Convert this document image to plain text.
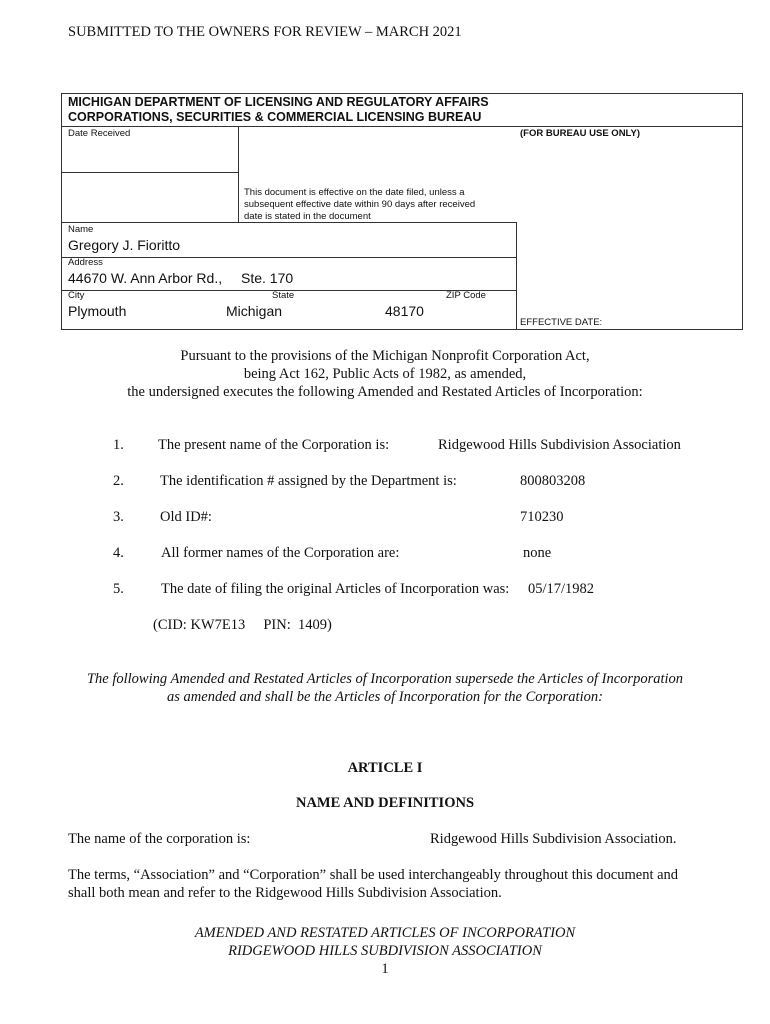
SUBMITTED TO THE OWNERS FOR REVIEW – MARCH 2021
MICHIGAN DEPARTMENT OF LICENSING AND REGULATORY AFFAIRS
CORPORATIONS, SECURITIES & COMMERCIAL LICENSING BUREAU
Date Received	(FOR BUREAU USE ONLY)
This document is effective on the date filed, unless a
subsequent effective date within 90 days after received
date is stated in the document
Name
Gregory J. Fioritto
Address
44670 W. Ann Arbor Rd., Ste. 170
City	State	ZIP Code
Plymouth	Michigan	48170
EFFECTIVE DATE:
Pursuant to the provisions of the Michigan Nonprofit Corporation Act,
being Act 162, Public Acts of 1982, as amended,
the undersigned executes the following Amended and Restated Articles of Incorporation:
1. The present name of the Corporation is:	Ridgewood Hills Subdivision Association
2. The identification # assigned by the Department is:	800803208
3. Old ID#:	710230
4.	All former names of the Corporation are:	none
5.	The date of filing the original Articles of Incorporation was: 05/17/1982
(CID: KW7E13     PIN:  1409)
The following Amended and Restated Articles of Incorporation supersede the Articles of Incorporation
as amended and shall be the Articles of Incorporation for the Corporation:
ARTICLE I
NAME AND DEFINITIONS
The name of the corporation is:	Ridgewood Hills Subdivision Association.
The terms, “Association” and “Corporation” shall be used interchangeably throughout this document and
shall both mean and refer to the Ridgewood Hills Subdivision Association.
AMENDED AND RESTATED ARTICLES OF INCORPORATION
RIDGEWOOD HILLS SUBDIVISION ASSOCIATION
1
